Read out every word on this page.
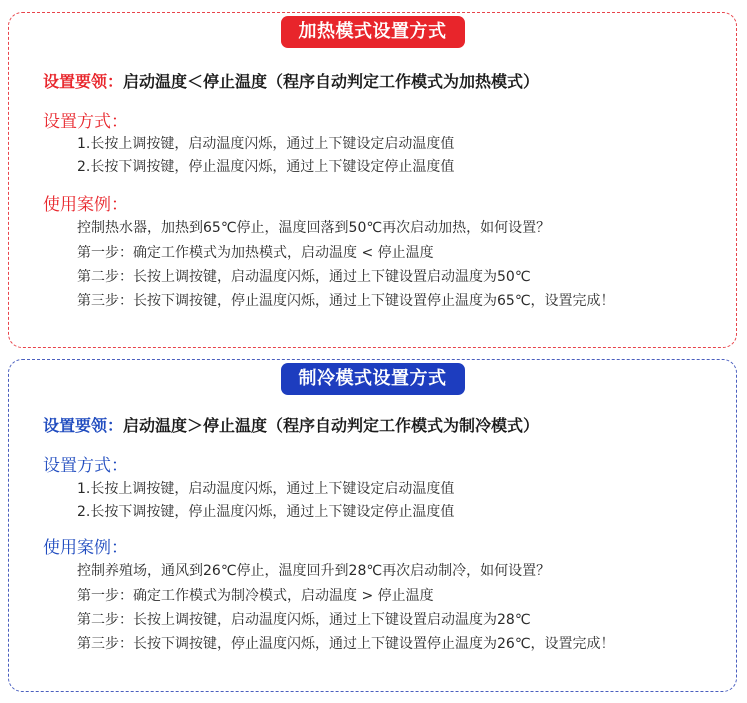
加热模式设置方式
设置要领：启动温度＜停止温度（程序自动判定工作模式为加热模式）
设置方式：
1.长按上调按键，启动温度闪烁，通过上下键设定启动温度值
2.长按下调按键，停止温度闪烁，通过上下键设定停止温度值
使用案例：
控制热水器，加热到65℃停止，温度回落到50℃再次启动加热，如何设置？
第一步：确定工作模式为加热模式，启动温度 < 停止温度
第二步：长按上调按键，启动温度闪烁，通过上下键设置启动温度为50℃
第三步：长按下调按键，停止温度闪烁，通过上下键设置停止温度为65℃，设置完成！
制冷模式设置方式
设置要领：启动温度＞停止温度（程序自动判定工作模式为制冷模式）
设置方式：
1.长按上调按键，启动温度闪烁，通过上下键设定启动温度值
2.长按下调按键，停止温度闪烁，通过上下键设定停止温度值
使用案例：
控制养殖场，通风到26℃停止，温度回升到28℃再次启动制冷，如何设置？
第一步：确定工作模式为制冷模式，启动温度 > 停止温度
第二步：长按上调按键，启动温度闪烁，通过上下键设置启动温度为28℃
第三步：长按下调按键，停止温度闪烁，通过上下键设置停止温度为26℃，设置完成！
